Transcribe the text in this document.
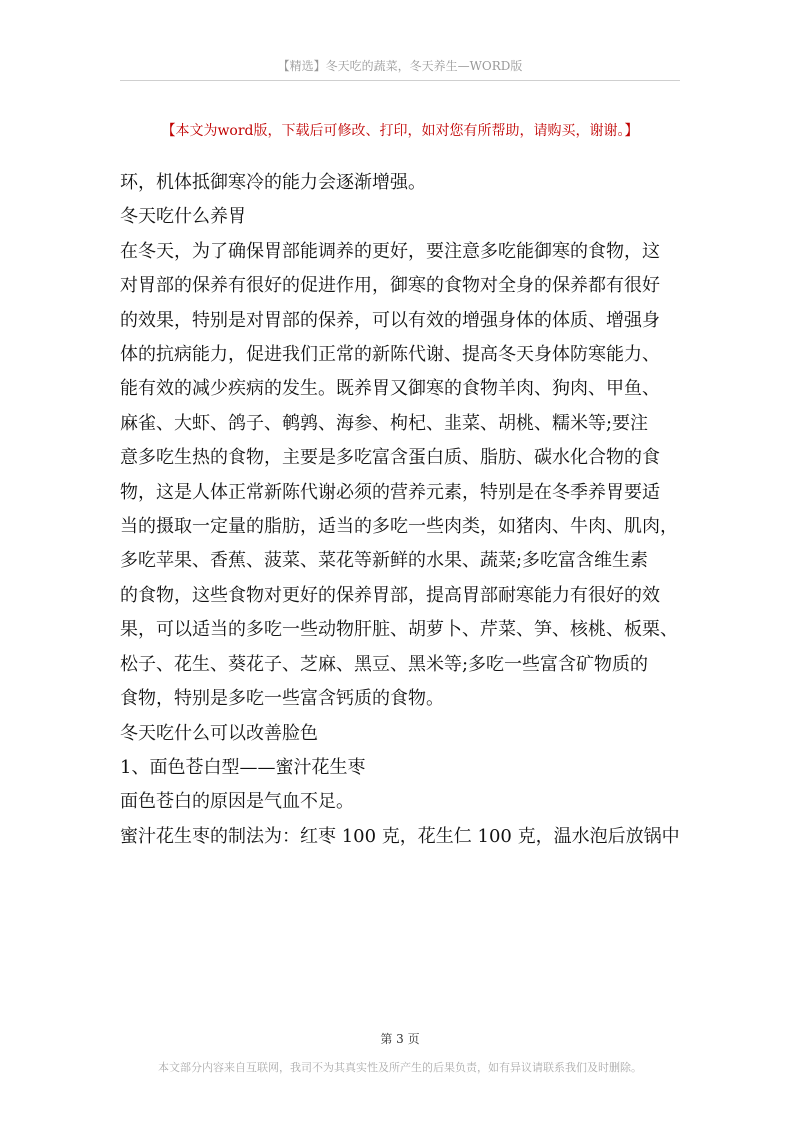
【精选】冬天吃的蔬菜，冬天养生—WORD版
【本文为word版，下载后可修改、打印，如对您有所帮助，请购买，谢谢。】
环，机体抵御寒冷的能力会逐渐增强。
冬天吃什么养胃
在冬天，为了确保胃部能调养的更好，要注意多吃能御寒的食物，这
对胃部的保养有很好的促进作用，御寒的食物对全身的保养都有很好
的效果，特别是对胃部的保养，可以有效的增强身体的体质、增强身
体的抗病能力，促进我们正常的新陈代谢、提高冬天身体防寒能力、
能有效的减少疾病的发生。既养胃又御寒的食物羊肉、狗肉、甲鱼、
麻雀、大虾、鸽子、鹌鹑、海参、枸杞、韭菜、胡桃、糯米等;要注
意多吃生热的食物，主要是多吃富含蛋白质、脂肪、碳水化合物的食
物，这是人体正常新陈代谢必须的营养元素，特别是在冬季养胃要适
当的摄取一定量的脂肪，适当的多吃一些肉类，如猪肉、牛肉、肌肉，
多吃苹果、香蕉、菠菜、菜花等新鲜的水果、蔬菜;多吃富含维生素
的食物，这些食物对更好的保养胃部，提高胃部耐寒能力有很好的效
果，可以适当的多吃一些动物肝脏、胡萝卜、芹菜、笋、核桃、板栗、
松子、花生、葵花子、芝麻、黑豆、黑米等;多吃一些富含矿物质的
食物，特别是多吃一些富含钙质的食物。
冬天吃什么可以改善脸色
1、面色苍白型——蜜汁花生枣
面色苍白的原因是气血不足。
蜜汁花生枣的制法为：红枣 100 克，花生仁 100 克，温水泡后放锅中
第 3 页
本文部分内容来自互联网，我司不为其真实性及所产生的后果负责，如有异议请联系我们及时删除。
